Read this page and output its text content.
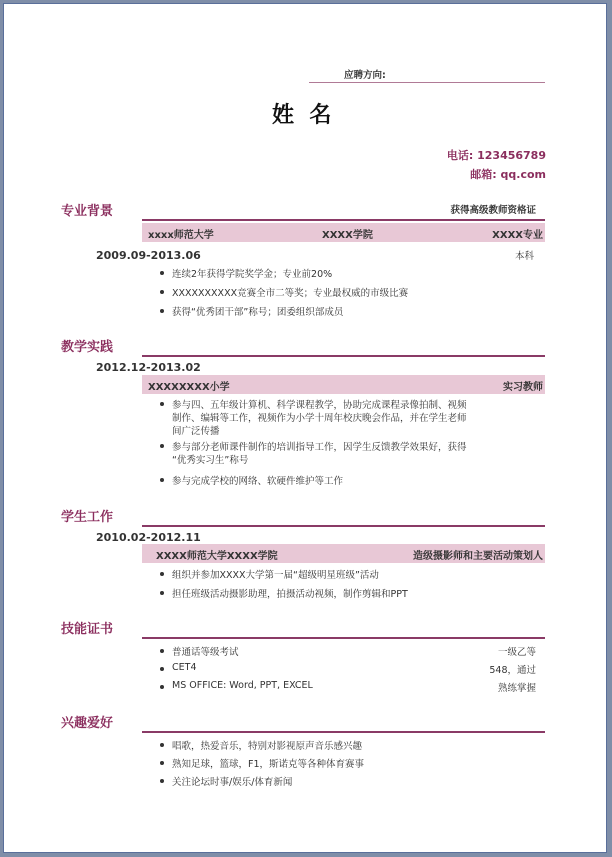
应聘方向:
姓  名
电话: 123456789
邮箱: qq.com
专业背景	获得高级教师资格证
xxxx师范大学	XXXX学院	XXXX专业
2009.09-2013.06	本科
连续2年获得学院奖学金；专业前20%
XXXXXXXXXX竞赛全市二等奖；专业最权威的市级比赛
获得“优秀团干部”称号；团委组织部成员
教学实践
2012.12-2013.02
XXXXXXXX小学	实习教师
参与四、五年级计算机、科学课程教学，协助完成课程录像拍制、视频
制作、编辑等工作，视频作为小学十周年校庆晚会作品，并在学生老师
间广泛传播
参与部分老师课件制作的培训指导工作，因学生反馈教学效果好，获得
“优秀实习生”称号
参与完成学校的网络、软硬件维护等工作
学生工作
2010.02-2012.11
XXXX师范大学XXXX学院	造级摄影师和主要活动策划人
组织并参加XXXX大学第一届“超级明星班级”活动
担任班级活动摄影助理，拍摄活动视频，制作剪辑和PPT
技能证书
普通话等级考试	一级乙等
CET4	548，通过
MS OFFICE: Word, PPT, EXCEL	熟练掌握
兴趣爱好
唱歌，热爱音乐，特别对影视原声音乐感兴趣
熟知足球，篮球，F1，斯诺克等各种体育赛事
关注论坛时事/娱乐/体育新闻
